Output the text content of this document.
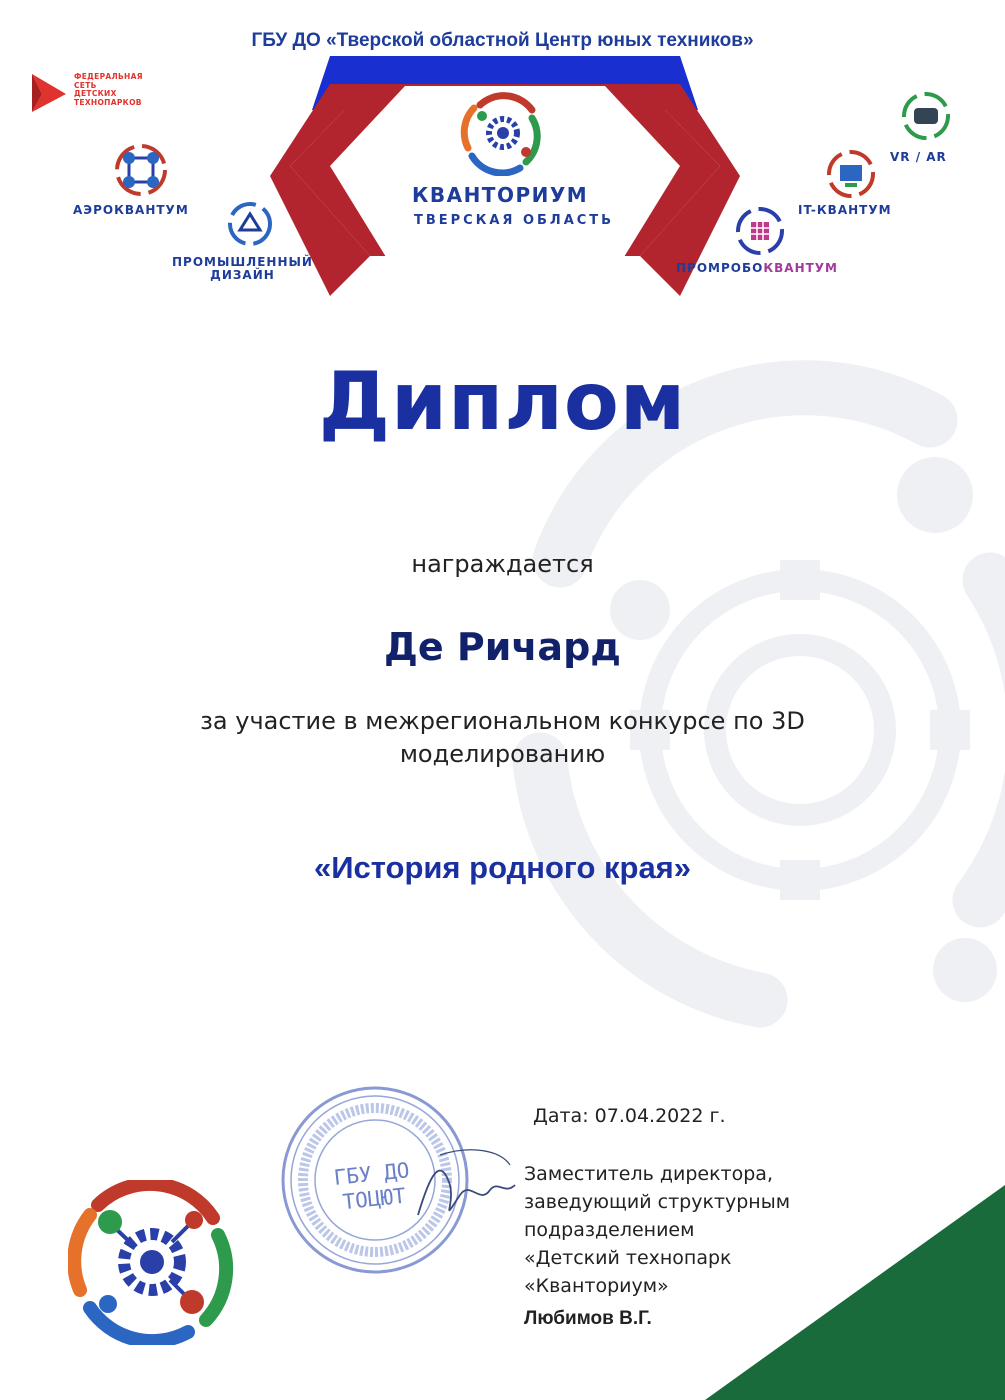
ГБУ ДО «Тверской областной Центр юных техников»
ФЕДЕРАЛЬНАЯ
СЕТЬ
ДЕТСКИХ
ТЕХНОПАРКОВ
КВАНТОРИУМ
ТВЕРСКАЯ ОБЛАСТЬ
АЭРОКВАНТУМ
ПРОМЫШЛЕННЫЙ
ДИЗАЙН
VR / AR
IT-КВАНТУМ
ПРОМРОБОКВАНТУМ
Диплом
награждается
Де Ричард
за участие в межрегиональном конкурсе по 3D
моделированию
«История родного края»
ГБУ ДО
ТОЦЮТ
Дата: 07.04.2022 г.
Заместитель директора,
заведующий структурным
подразделением
«Детский технопарк
«Кванториум»
Любимов В.Г.
